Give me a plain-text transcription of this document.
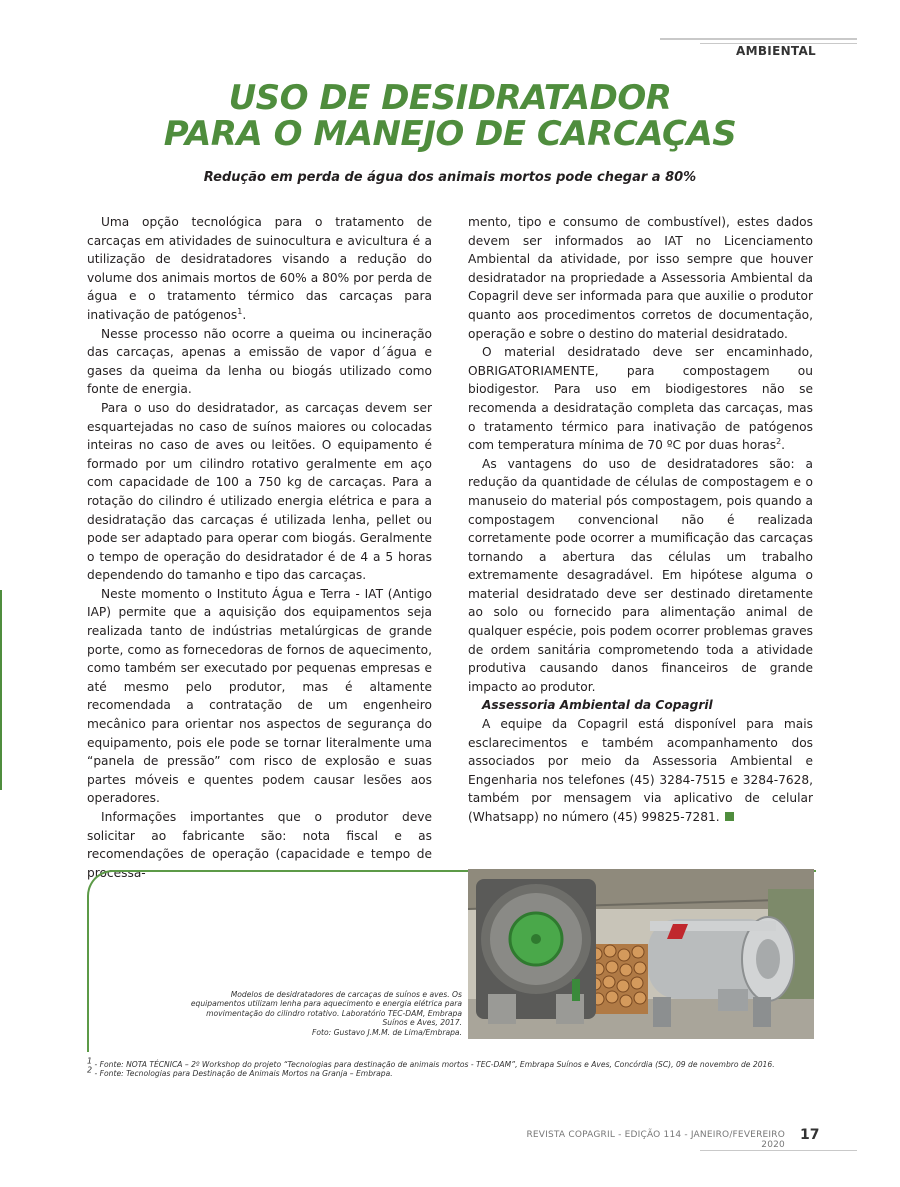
AMBIENTAL
USO DE DESIDRATADOR
PARA O MANEJO DE CARCAÇAS
Redução em perda de água dos animais mortos pode chegar a 80%

Uma opção tecnológica para o tratamento de carcaças em atividades de suinocultura e avicultura é a utilização de desidratadores visando a redução do volume dos animais mortos de 60% a 80% por perda de água e o tratamento térmico das carcaças para inativação de patógenos$^1$.

Nesse processo não ocorre a queima ou incineração das carcaças, apenas a emissão de vapor d´água e gases da queima da lenha ou biogás utilizado como fonte de energia.

Para o uso do desidratador, as carcaças devem ser esquartejadas no caso de suínos maiores ou colocadas inteiras no caso de aves ou leitões. O equipamento é formado por um cilindro rotativo geralmente em aço com capacidade de 100 a 750 kg de carcaças. Para a rotação do cilindro é utilizado energia elétrica e para a desidratação das carcaças é utilizada lenha, pellet ou pode ser adaptado para operar com biogás. Geralmente o tempo de operação do desidratador é de 4 a 5 horas dependendo do tamanho e tipo das carcaças.

Neste momento o Instituto Água e Terra - IAT (Antigo IAP) permite que a aquisição dos equipamentos seja realizada tanto de indústrias metalúrgicas de grande porte, como as fornecedoras de fornos de aquecimento, como também ser executado por pequenas empresas e até mesmo pelo produtor, mas é altamente recomendada a contratação de um engenheiro mecânico para orientar nos aspectos de segurança do equipamento, pois ele pode se tornar literalmente uma “panela de pressão” com risco de explosão e suas partes móveis e quentes podem causar lesões aos operadores.

Informações importantes que o produtor deve solicitar ao fabricante são: nota fiscal e as recomendações de operação (capacidade e tempo de processa-

mento, tipo e consumo de combustível), estes dados devem ser informados ao IAT no Licenciamento Ambiental da atividade, por isso sempre que houver desidratador na propriedade a Assessoria Ambiental da Copagril deve ser informada para que auxilie o produtor quanto aos procedimentos corretos de documentação, operação e sobre o destino do material desidratado.

O material desidratado deve ser encaminhado, OBRIGATORIAMENTE, para compostagem ou biodigestor. Para uso em biodigestores não se recomenda a desidratação completa das carcaças, mas o tratamento térmico para inativação de patógenos com temperatura mínima de 70 ºC por duas horas$^2$.

As vantagens do uso de desidratadores são: a redução da quantidade de células de compostagem e o manuseio do material pós compostagem, pois quando a compostagem convencional não é realizada corretamente pode ocorrer a mumificação das carcaças tornando a abertura das células um trabalho extremamente desagradável. Em hipótese alguma o material desidratado deve ser destinado diretamente ao solo ou fornecido para alimentação animal de qualquer espécie, pois podem ocorrer problemas graves de ordem sanitária comprometendo toda a atividade produtiva causando danos financeiros de grande impacto ao produtor.

Assessoria Ambiental da Copagril

A equipe da Copagril está disponível para mais esclarecimentos e também acompanhamento dos associados por meio da Assessoria Ambiental e Engenharia nos telefones (45) 3284-7515 e 3284-7628, também por mensagem via aplicativo de celular (Whatsapp) no número (45) 99825-7281.

Modelos de desidratadores de carcaças de suínos e aves. Os
equipamentos utilizam lenha para aquecimento e energia elétrica para
movimentação do cilindro rotativo. Laboratório TEC-DAM, Embrapa
Suínos e Aves, 2017.
Foto: Gustavo J.M.M. de Lima/Embrapa.

1 - Fonte: NOTA TÉCNICA – 2º Workshop do projeto “Tecnologias para destinação de animais mortos - TEC-DAM”, Embrapa Suínos e Aves, Concórdia (SC), 09 de novembro de 2016.

2 - Fonte: Tecnologias para Destinação de Animais Mortos na Granja – Embrapa.

REVISTA COPAGRIL - EDIÇÃO 114 - JANEIRO/FEVEREIRO 2020
17
